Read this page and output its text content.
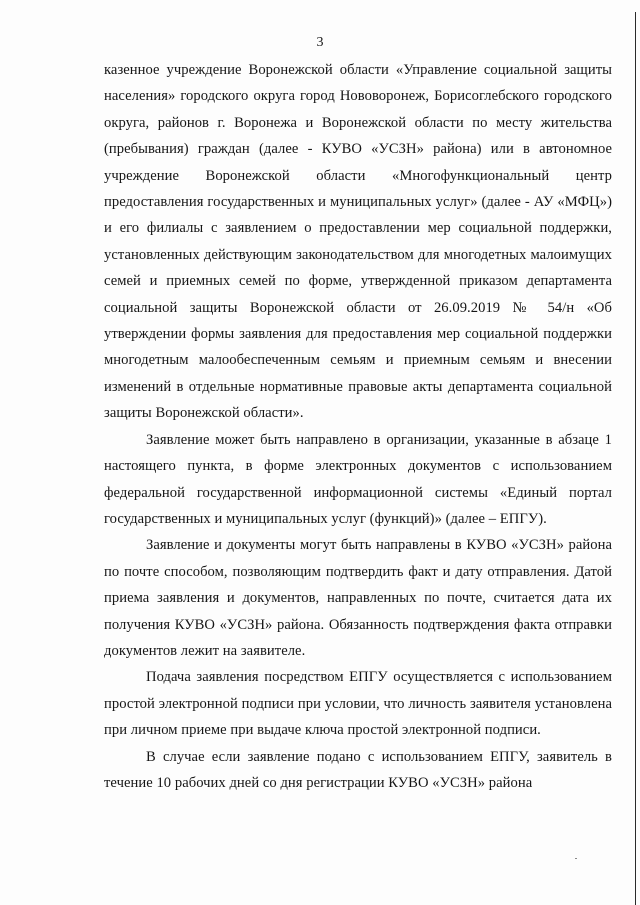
3

казенное учреждение Воронежской области «Управление социальной защиты населения» городского округа город Нововоронеж, Борисоглебского городского округа, районов г. Воронежа и Воронежской области по месту жительства (пребывания) граждан (далее - КУВО «УСЗН» района) или в автономное учреждение Воронежской области «Многофункциональный центр предоставления государственных и муниципальных услуг» (далее - АУ «МФЦ») и его филиалы с заявлением о предоставлении мер социальной поддержки, установленных действующим законодательством для многодетных малоимущих семей и приемных семей по форме, утвержденной приказом департамента социальной защиты Воронежской области от 26.09.2019 № 54/н «Об утверждении формы заявления для предоставления мер социальной поддержки многодетным малообеспеченным семьям и приемным семьям и внесении изменений в отдельные нормативные правовые акты департамента социальной защиты Воронежской области».

Заявление может быть направлено в организации, указанные в абзаце 1 настоящего пункта, в форме электронных документов с использованием федеральной государственной информационной системы «Единый портал государственных и муниципальных услуг (функций)» (далее – ЕПГУ).

Заявление и документы могут быть направлены в КУВО «УСЗН» района по почте способом, позволяющим подтвердить факт и дату отправления. Датой приема заявления и документов, направленных по почте, считается дата их получения КУВО «УСЗН» района. Обязанность подтверждения факта отправки документов лежит на заявителе.

Подача заявления посредством ЕПГУ осуществляется с использованием простой электронной подписи при условии, что личность заявителя установлена при личном приеме при выдаче ключа простой электронной подписи.

В случае если заявление подано с использованием ЕПГУ, заявитель в течение 10 рабочих дней со дня регистрации КУВО «УСЗН» района
